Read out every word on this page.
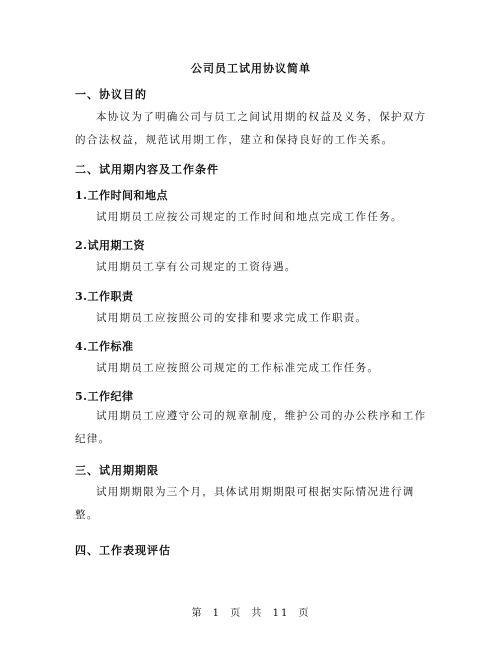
公司员工试用协议简单
一、协议目的
本协议为了明确公司与员工之间试用期的权益及义务，保护双方的合法权益，规范试用期工作，建立和保持良好的工作关系。
二、试用期内容及工作条件
1.工作时间和地点
试用期员工应按公司规定的工作时间和地点完成工作任务。
2.试用期工资
试用期员工享有公司规定的工资待遇。
3.工作职责
试用期员工应按照公司的安排和要求完成工作职责。
4.工作标准
试用期员工应按照公司规定的工作标准完成工作任务。
5.工作纪律
试用期员工应遵守公司的规章制度，维护公司的办公秩序和工作纪律。
三、试用期期限
试用期期限为三个月，具体试用期期限可根据实际情况进行调整。
四、工作表现评估
第 1 页 共 11 页
